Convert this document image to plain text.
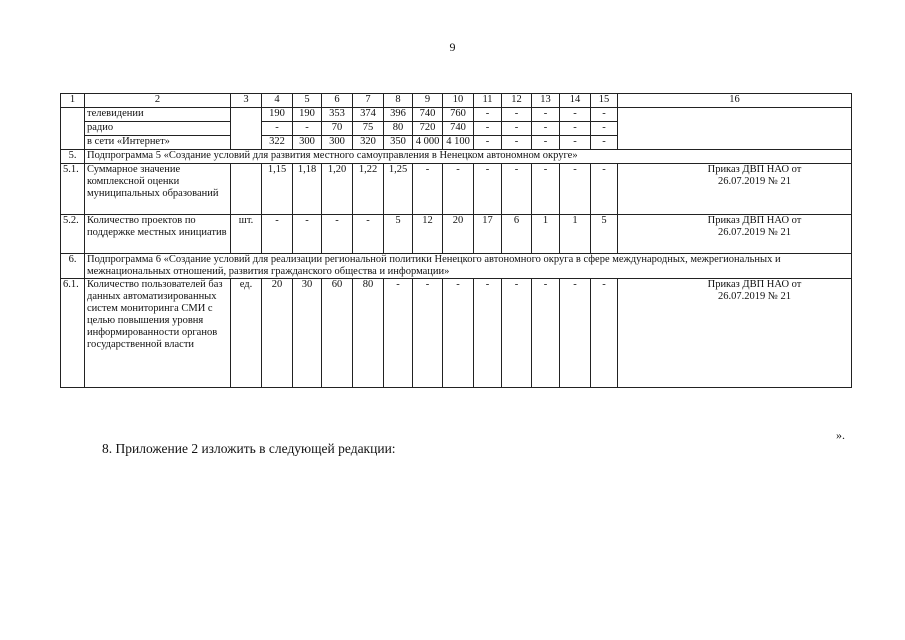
9
1	2	3	4	5	6	7	8	9	10	11	12	13	14	15	16
	телевидении		190	190	353	374	396	740	760	-	-	-	-	-	
	радио		-	-	70	75	80	720	740	-	-	-	-	-	
	в сети «Интернет»		322	300	300	320	350	4 000	4 100	-	-	-	-	-	
5.	Подпрограмма 5 «Создание условий для развития местного самоуправления в Ненецком автономном округе»														
5.1.	Суммарное значение комплексной оценки муниципальных образований		1,15	1,18	1,20	1,22	1,25	-	-	-	-	-	-	-	Приказ ДВП НАО от 26.07.2019 № 21

5.2.	Количество проектов по поддержке местных инициатив	шт.	-	-	-	-	5	12	20	17	6	1	1	5	Приказ ДВП НАО от 26.07.2019 № 21

6.	Подпрограмма 6 «Создание условий для реализации региональной политики Ненецкого автономного округа в сфере международных, межрегиональных и межнациональных отношений, развития гражданского общества и информации»														
6.1.	Количество пользователей баз данных автоматизированных систем мониторинга СМИ с целью повышения уровня информированности органов государственной власти	ед.	20	30	60	80	-	-	-	-	-	-	-	-	Приказ ДВП НАО от 26.07.2019 № 21
».
8. Приложение 2 изложить в следующей редакции:
